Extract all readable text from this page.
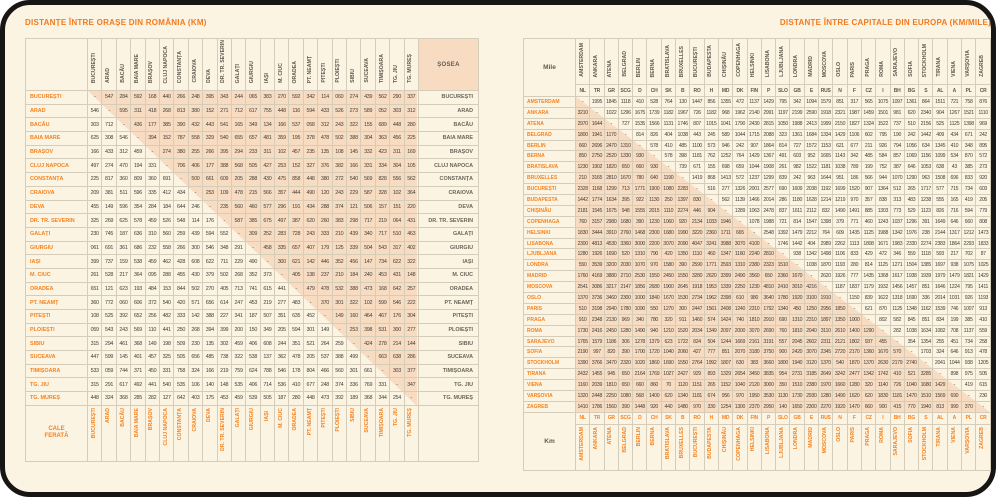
DISTANȚE ÎNTRE ORAȘE DIN ROMÂNIA (KM)
	BUCUREȘTI	ARAD	BACĂU	BAIA MARE	BRAȘOV	CLUJ NAPOCA	CONSTANȚA	CRAIOVA	DEVA	DR. TR. SEVERIN	GALAȚI	GIURGIU	IAȘI	M. CIUC	ORADEA	PT. NEAMȚ	PITEȘTI	PLOIEȘTI	SIBIU	SUCEAVA	TIMIȘOARA	TG. JIU	TG. MUREȘ	ȘOSEA
BUCUREȘTI	-	547	284	592	168	440	266	248	395	343	244	065	383	270	592	342	114	060	274	439	562	290	337	BUCUREȘTI
ARAD	546	-	595	311	418	268	813	380	152	271	712	617	755	448	116	594	433	526	273	589	052	303	312	ARAD
BACĂU	303	712	-	436	177	385	390	432	443	541	165	349	134	166	537	058	312	243	322	155	689	448	280	BACĂU
BAIA MARE	625	308	546	-	394	152	787	558	329	540	655	657	481	359	195	378	478	502	388	304	363	456	225	BAIA MARE
BRAȘOV	166	433	312	459	-	274	380	255	266	395	294	233	311	102	457	235	135	108	145	332	423	311	169	BRAȘOV
CLUJ NAPOCA	497	274	470	194	331	-	706	406	177	388	568	505	427	253	152	327	376	382	166	331	334	304	105	CLUJ NAPOCA
CONSTANȚA	225	817	360	809	360	691	-	500	661	609	205	288	430	475	858	448	380	272	540	569	828	556	562	CONSTANȚA
CRAIOVA	209	381	511	596	335	412	434	-	253	109	478	215	566	357	444	490	120	243	229	587	328	102	364	CRAIOVA
DEVA	455	149	596	354	284	184	644	246	-	235	560	460	577	296	191	434	288	374	121	506	157	151	220	DEVA
DR. TR. SEVERIN	325	269	625	578	459	526	548	114	176	-	587	385	675	497	387	620	260	383	298	717	219	064	431	DR. TR. SEVERIN
GALAȚI	230	745	187	636	310	560	259	439	594	552	-	309	252	283	728	243	333	210	439	340	717	510	463	GALAȚI
GIURGIU	061	691	361	686	232	558	266	300	546	348	291	-	458	335	657	407	179	125	339	504	543	317	402	GIURGIU
IAȘI	399	737	159	538	459	462	428	608	622	711	229	490	-	300	621	142	446	352	456	147	734	622	322	IAȘI
M. CIUC	261	528	217	364	095	288	455	430	379	502	268	352	373	-	405	138	237	210	184	240	453	431	148	M. CIUC
ORADEA	651	121	623	193	484	153	844	502	270	405	713	741	615	441	-	479	478	532	388	473	168	642	257	ORADEA
PT. NEAMȚ	360	772	060	606	372	540	420	571	656	614	247	453	219	277	483	-	370	301	322	102	599	546	222	PT. NEAMȚ
PITEȘTI	108	525	392	652	256	482	333	142	388	227	341	187	507	351	635	452	-	149	160	464	467	176	304	PITEȘTI
PLOIEȘTI	059	543	243	569	110	441	250	268	394	399	200	150	349	205	594	301	149	-	253	398	531	300	277	PLOIEȘTI
SIBIU	315	294	461	368	149	198	509	230	135	302	459	406	608	244	351	521	264	259	-	424	278	214	144	SIBIU
SUCEAVA	447	599	145	401	457	325	505	656	485	738	322	538	137	362	478	205	537	388	499	-	663	638	286	SUCEAVA
TIMIȘOARA	533	059	744	371	450	331	758	324	166	219	759	624	788	546	178	804	466	560	301	661	-	303	377	TIMIȘOARA
TG. JIU	315	291	617	492	441	540	535	106	140	148	535	406	714	536	410	677	248	374	336	769	331	-	347	TG. JIU
TG. MUREȘ	448	324	368	285	282	127	642	403	175	453	459	539	505	187	280	448	473	392	189	368	344	254	-	TG. MUREȘ
CALE
FERATĂ	BUCUREȘTI	ARAD	BACĂU	BAIA MARE	BRAȘOV	CLUJ NAPOCA	CONSTANȚA	CRAIOVA	DEVA	DR. TR. SEVERIN	GALAȚI	GIURGIU	IAȘI	M. CIUC	ORADEA	PT. NEAMȚ	PITEȘTI	PLOIEȘTI	SIBIU	SUCEAVA	TIMIȘOARA	TG. JIU	TG. MUREȘ	
DISTANȚE ÎNTRE CAPITALE DIN EUROPA (KM/MILE)
Mile	AMSTERDAM	ANKARA	ATENA	BELGRAD	BERLIN	BERNA	BRATISLAVA	BRUXELLES	BUCUREȘTI	BUDAPESTA	CHIȘINĂU	COPENHAGA	HELSINKI	LISABONA	LJUBLJANA	LONDRA	MADRID	MOSCOVA	OSLO	PARIS	PRAGA	ROMA	SARAJEVO	SOFIA	STOCKHOLM	TIRANA	VIENA	VARȘOVIA	ZAGREB
	NL	TR	GR	SCG	D	CH	SK	B	RO	H	MD	DK	FIN	P	SLO	GB	E	RUS	N	F	CZ	I	BH	BG	S	AL	A	PL	CR
AMSTERDAM	-	1995	1845	1118	410	528	764	130	1447	856	1355	472	1137	1429	795	342	1094	1579	851	317	565	1075	1097	1361	864	1511	721	758	876
ANKARA	3210	-	1022	1296	1675	1739	1182	1967	726	1182	968	1962	2140	2991	1197	2199	2590	1918	2321	1987	1459	1501	981	620	2340	904	1267	1521	1110
ATENA	2970	1644	-	727	1535	1566	1131	1746	807	1015	1041	1790	2430	2815	1050	1988	2413	1999	2150	1827	1324	1522	737	510	2156	525	1125	1398	969
BELGRAD	1800	1941	1170	-	814	826	404	1038	443	245	589	1044	1715	2088	323	1361	1684	1334	1429	1106	602	795	190	242	1442	409	434	671	242
BERLIN	660	2696	2470	1310	-	578	410	485	1100	573	946	242	907	1864	814	727	1572	1153	621	677	211	926	794	1056	634	1345	410	348	895
BERNA	850	2750	2520	1330	930	-	578	398	1181	762	1252	764	1429	1367	491	603	952	1665	1143	342	485	584	857	1069	1156	1099	534	870	572
BRATISLAVA	1230	1902	1820	650	660	930	-	739	671	155	698	659	1044	1908	261	982	1522	1181	1038	789	199	752	387	646	1053	638	43	385	273
BRUXELLES	210	3165	2810	1670	780	640	1190	-	1419	868	1413	572	1237	1299	839	242	963	1644	951	186	566	944	1070	1290	963	1508	696	833	920
BUCUREȘTI	2328	1168	1299	713	1771	1900	1080	2283	-	516	277	1326	2001	2577	690	1609	2038	1192	1699	1520	907	1364	512	265	1717	577	715	734	603
BUDAPESTA	1442	1774	1634	395	922	1130	250	1397	830	-	562	1139	1466	2014	286	1180	1628	1214	1219	970	357	838	313	483	1238	555	165	419	205
CHIȘINĂU	2181	1545	1675	948	1555	2015	1110	2274	446	904	-	1289	1063	2478	837	1611	2112	832	1490	1491	885	1303	773	529	1123	826	716	594	779
COPENHAGA	760	3157	2980	1680	390	1230	1060	920	2134	1033	1946	-	1078	1988	721	814	1547	1398	379	771	460	1243	1037	1296	391	1649	646	660	808
HELSINKI	1830	3444	3910	2760	1468	2300	1680	1990	3220	2360	1711	665	-	2548	1392	1479	2212	764	609	1435	1125	1988	1342	1976	238	2144	1317	1212	1473
LISABONA	2300	4813	4530	3360	3000	2200	3070	2090	4047	3241	3988	3070	4100	-	1746	1442	404	2989	2262	1113	1808	1671	1983	2330	2274	2383	1864	2293	1833
LJUBLJANA	1280	1926	1690	520	1310	790	420	1350	1110	460	1347	1160	2240	2810	-	938	1342	1498	1106	833	429	472	346	559	1118	593	217	702	87
LONDRA	550	3539	3200	2030	1070	970	1580	390	2590	1771	2593	1310	2380	2323	1510	-	1038	1870	1193	280	814	1125	1271	1504	1385	1697	938	1075	1025
MADRID	1760	4169	3880	2710	2530	1550	2450	1550	3280	2620	3399	2490	3560	650	2360	1670	-	2620	1926	777	1435	1368	1617	1938	1939	1979	1479	1821	1429
MOSCOVA	2541	3086	3217	2147	1856	2680	1900	2645	1918	1953	1339	2250	1230	4810	2410	3010	4216	-	1187	1837	1179	1932	1456	1457	851	1646	1224	795	1411
OSLO	1370	3736	3460	2300	1000	1840	1670	1530	2734	1962	2398	610	980	3640	1780	1920	3100	1910	-	1150	839	1622	1318	1690	336	2014	1031	926	1193
PARIS	510	3198	2940	1780	1090	550	1270	300	2447	1561	2408	1240	2310	1792	1340	450	1250	2956	1850	-	621	870	1125	1348	1162	1539	746	1007	913
PRAGA	910	2348	2130	969	340	780	320	911	1460	574	1424	740	1810	2910	690	1310	2310	1897	1350	1000	-	802	582	845	851	834	199	385	410
ROMA	1730	2416	2450	1280	1490	940	1210	1520	2034	1349	2097	2000	3070	2690	760	1810	2040	3110	2610	1400	1290	-	282	1038	1634	1082	708	1137	559
SARAJEVO	1765	1579	1186	306	1278	1379	623	1722	824	504	1244	1669	2161	3191	557	2045	2602	2311	2121	1802	937	455	-	354	1354	255	451	734	258
SOFIA	2190	997	820	390	1700	1720	1040	2060	427	777	851	2070	3180	3750	900	2420	3070	2345	2720	2170	1360	1670	570	-	1703	324	646	913	478
STOCKHOLM	1390	3766	3470	2320	1020	1860	1690	1550	2764	1992	1807	630	383	3660	1800	1940	3120	1370	540	1870	1370	2630	2179	2740	-	2041	1044	938	1205
TIRANA	2432	1455	945	650	2164	1769	1027	2427	929	893	1329	2654	3450	3835	954	2731	3185	2649	3242	2477	1342	1742	410	521	3285	-	898	975	505
VIENA	1160	2039	1810	650	660	860	70	1120	1151	265	1152	1040	2120	3000	350	1510	2380	1970	1660	1280	320	1140	726	1040	1680	1429	-	419	615
VARȘOVIA	1320	2448	2250	1080	568	1400	620	1340	1181	674	956	970	1950	3530	1130	1730	2930	1280	1490	1620	620	1830	1181	1470	1510	1569	690	-	230
ZAGREB	1410	1786	1560	390	1448	920	440	1480	970	330	1254	1300	2370	2950	140	1650	2300	2270	1920	1470	660	900	415	770	1940	813	990	370	-
Km	NL	TR	GR	SCG	D	CH	SK	B	RO	H	MD	DK	FIN	P	SLO	GB	E	RUS	N	F	CZ	I	BH	BG	S	AL	A	PL	CR
	AMSTERDAM	ANKARA	ATENA	BELGRAD	BERLIN	BERNA	BRATISLAVA	BRUXELLES	BUCUREȘTI	BUDAPESTA	CHIȘINĂU	COPENHAGA	HELSINKI	LISABONA	LJUBLJANA	LONDRA	MADRID	MOSCOVA	OSLO	PARIS	PRAGA	ROMA	SARAJEVO	SOFIA	STOCKHOLM	TIRANA	VIENA	VARȘOVIA	ZAGREB
